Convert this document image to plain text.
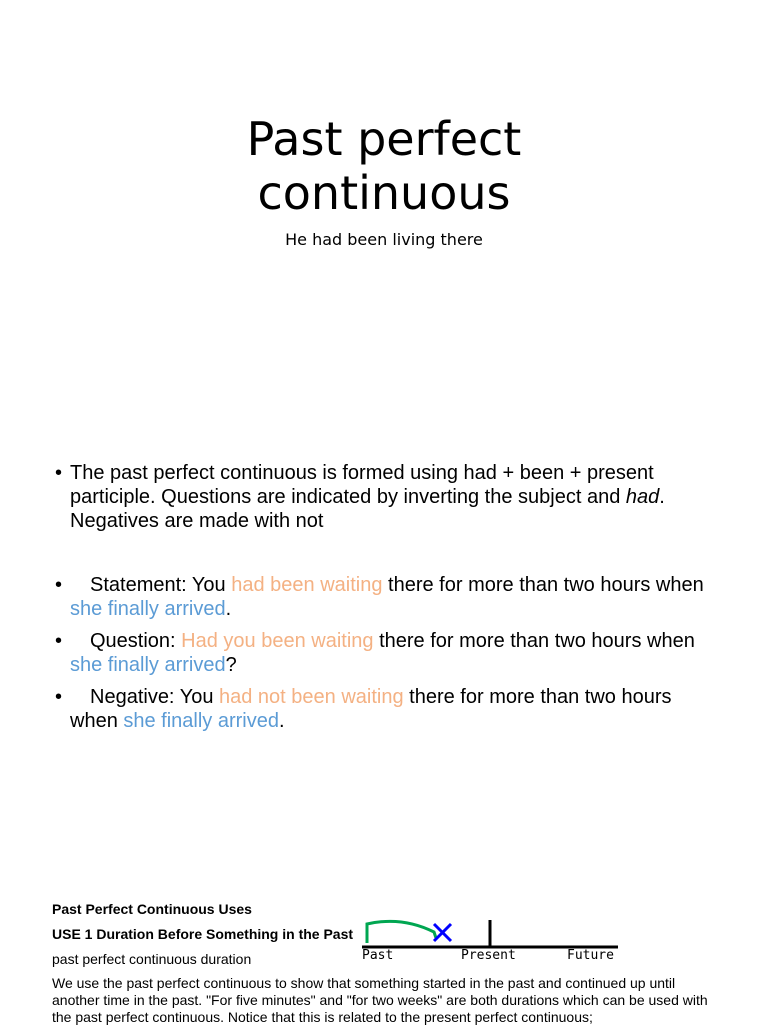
Past perfect
continuous
He had been living there
• The past perfect continuous is formed using had + been + present participle. Questions are indicated by inverting the subject and had. Negatives are made with not
• Statement: You had been waiting there for more than two hours when she finally arrived.
• Question: Had you been waiting there for more than two hours when she finally arrived?
• Negative: You had not been waiting there for more than two hours when she finally arrived.
Past Perfect Continuous Uses
USE 1 Duration Before Something in the Past
past perfect continuous duration	Past	Present	Future
We use the past perfect continuous to show that something started in the past and continued up until another time in the past. "For five minutes" and "for two weeks" are both durations which can be used with the past perfect continuous. Notice that this is related to the present perfect continuous;
